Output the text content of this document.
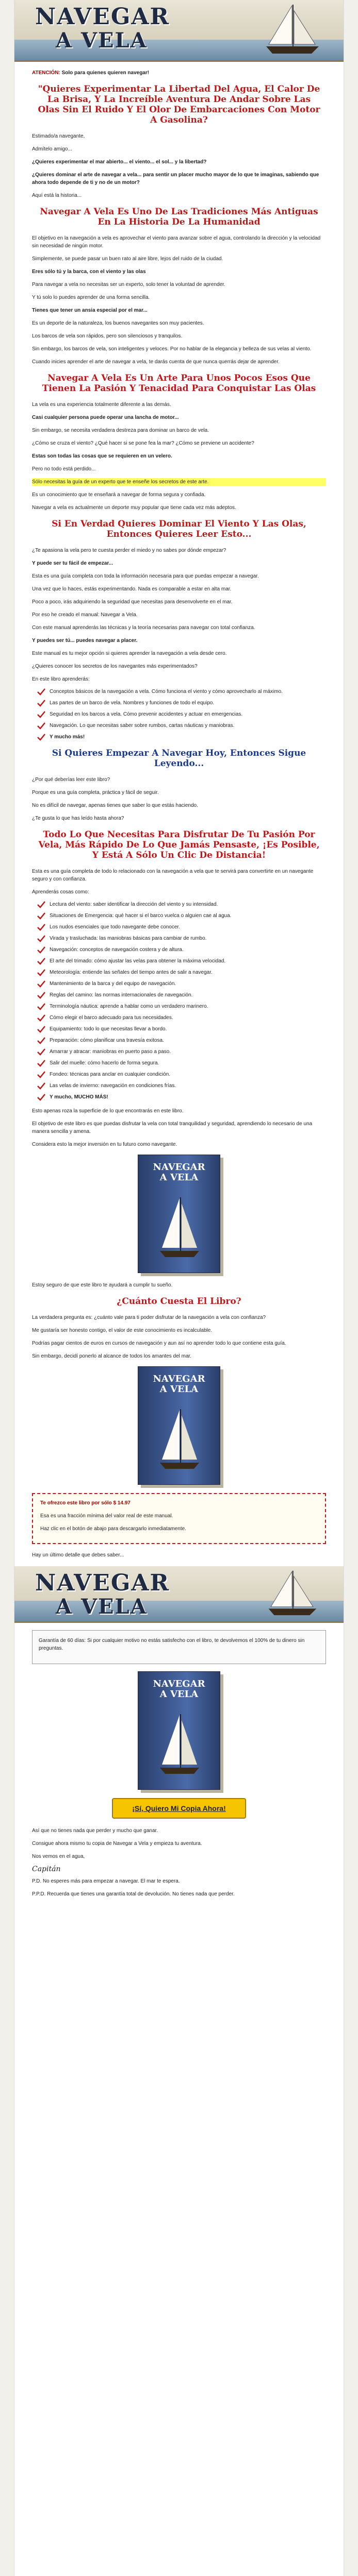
NAVEGAR
A VELA

ATENCIÓN: Solo para quienes quieren navegar!

"Quieres Experimentar La Libertad Del Agua, El Calor De La Brisa, Y La Increíble Aventura De Andar Sobre Las Olas Sin El Ruido Y El Olor De Embarcaciones Con Motor A Gasolina?

Estimado/a navegante,

Admítelo amigo...

¿Quieres experimentar el mar abierto... el viento... el sol... y la libertad?

¿Quieres dominar el arte de navegar a vela... para sentir un placer mucho mayor de lo que te imaginas, sabiendo que ahora todo depende de ti y no de un motor?

Aquí está la historia...

Navegar A Vela Es Uno De Las Tradiciones Más Antiguas En La Historia De La Humanidad

El objetivo en la navegación a vela es aprovechar el viento para avanzar sobre el agua, controlando la dirección y la velocidad sin necesidad de ningún motor.

Simplemente, se puede pasar un buen rato al aire libre, lejos del ruido de la ciudad.

Eres sólo tú y la barca, con el viento y las olas

Para navegar a vela no necesitas ser un experto, solo tener la voluntad de aprender.

Y tú solo lo puedes aprender de una forma sencilla.

Tienes que tener un ansia especial por el mar...

Es un deporte de la naturaleza, los buenos navegantes son muy pacientes.

Los barcos de vela son rápidos, pero son silenciosos y tranquilos.

Sin embargo, los barcos de vela, son inteligentes y veloces. Por no hablar de la elegancia y belleza de sus velas al viento.

Cuando inicies aprender el arte de navegar a vela, te darás cuenta de que nunca querrás dejar de aprender.

Navegar A Vela Es Un Arte Para Unos Pocos Esos Que Tienen La Pasión Y Tenacidad Para Conquistar Las Olas

La vela es una experiencia totalmente diferente a las demás.

Casi cualquier persona puede operar una lancha de motor...

Sin embargo, se necesita verdadera destreza para dominar un barco de vela.

¿Cómo se cruza el viento? ¿Qué hacer si se pone fea la mar? ¿Cómo se previene un accidente?

Estas son todas las cosas que se requieren en un velero.

Pero no todo está perdido...

Sólo necesitas la guía de un experto que te enseñe los secretos de este arte.

Es un conocimiento que te enseñará a navegar de forma segura y confiada.

Navegar a vela es actualmente un deporte muy popular que tiene cada vez más adeptos.

Si En Verdad Quieres Dominar El Viento Y Las Olas, Entonces Quieres Leer Esto...

¿Te apasiona la vela pero te cuesta perder el miedo y no sabes por dónde empezar?

Y puede ser tu fácil de empezar...

Esta es una guía completa con toda la información necesaria para que puedas empezar a navegar.

Una vez que lo haces, estás experimentando. Nada es comparable a estar en alta mar.

Poco a poco, irás adquiriendo la seguridad que necesitas para desenvolverte en el mar.

Por eso he creado el manual: Navegar a Vela.

Con este manual aprenderás las técnicas y la teoría necesarias para navegar con total confianza.

Y puedes ser tú... puedes navegar a placer.

Este manual es tu mejor opción si quieres aprender la navegación a vela desde cero.

¿Quieres conocer los secretos de los navegantes más experimentados?

En este libro aprenderás:

Conceptos básicos de la navegación a vela. Cómo funciona el viento y cómo aprovecharlo al máximo.
Las partes de un barco de vela. Nombres y funciones de todo el equipo.
Seguridad en los barcos a vela. Cómo prevenir accidentes y actuar en emergencias.
Navegación. Lo que necesitas saber sobre rumbos, cartas náuticas y maniobras.
Y mucho más!
Si Quieres Empezar A Navegar Hoy, Entonces Sigue Leyendo...

¿Por qué deberías leer este libro?

Porque es una guía completa, práctica y fácil de seguir.

No es difícil de navegar, apenas tienes que saber lo que estás haciendo.

¿Te gusta lo que has leído hasta ahora?

Todo Lo Que Necesitas Para Disfrutar De Tu Pasión Por Vela, Más Rápido De Lo Que Jamás Pensaste, ¡Es Posible, Y Está A Sólo Un Clic De Distancia!

Esta es una guía completa de todo lo relacionado con la navegación a vela que te servirá para convertirte en un navegante seguro y con confianza.

Aprenderás cosas como:

Lectura del viento: saber identificar la dirección del viento y su intensidad.
Situaciones de Emergencia: qué hacer si el barco vuelca o alguien cae al agua.
Los nudos esenciales que todo navegante debe conocer.
Virada y trasluchada: las maniobras básicas para cambiar de rumbo.
Navegación: conceptos de navegación costera y de altura.
El arte del trimado: cómo ajustar las velas para obtener la máxima velocidad.
Meteorología: entiende las señales del tiempo antes de salir a navegar.
Mantenimiento de la barca y del equipo de navegación.
Reglas del camino: las normas internacionales de navegación.
Terminología náutica: aprende a hablar como un verdadero marinero.
Cómo elegir el barco adecuado para tus necesidades.
Equipamiento: todo lo que necesitas llevar a bordo.
Preparación: cómo planificar una travesía exitosa.
Amarrar y atracar: maniobras en puerto paso a paso.
Salir del muelle: cómo hacerlo de forma segura.
Fondeo: técnicas para anclar en cualquier condición.
Las velas de invierno: navegación en condiciones frías.
Y mucho, MUCHO MÁS!

Esto apenas roza la superficie de lo que encontrarás en este libro.

El objetivo de este libro es que puedas disfrutar la vela con total tranquilidad y seguridad, aprendiendo lo necesario de una manera sencilla y amena.

Considera esto la mejor inversión en tu futuro como navegante.

NAVEGAR
A VELA

Estoy seguro de que este libro te ayudará a cumplir tu sueño.

¿Cuánto Cuesta El Libro?

La verdadera pregunta es: ¿cuánto vale para ti poder disfrutar de la navegación a vela con confianza?

Me gustaría ser honesto contigo, el valor de este conocimiento es incalculable.

Podrías pagar cientos de euros en cursos de navegación y aun así no aprender todo lo que contiene esta guía.

Sin embargo, decidí ponerlo al alcance de todos los amantes del mar.

NAVEGAR
A VELA

Te ofrezco este libro por sólo $ 14.97

Esa es una fracción mínima del valor real de este manual.

Haz clic en el botón de abajo para descargarlo inmediatamente.

Hay un último detalle que debes saber...

NAVEGAR
A VELA

Garantía de 60 días: Si por cualquier motivo no estás satisfecho con el libro, te devolvemos el 100% de tu dinero sin preguntas.

NAVEGAR
A VELA
¡Sí, Quiero Mi Copia Ahora!

Así que no tienes nada que perder y mucho que ganar.

Consigue ahora mismo tu copia de Navegar a Vela y empieza tu aventura.

Nos vemos en el agua,

Capitán

P.D. No esperes más para empezar a navegar. El mar te espera.

P.P.D. Recuerda que tienes una garantía total de devolución. No tienes nada que perder.
